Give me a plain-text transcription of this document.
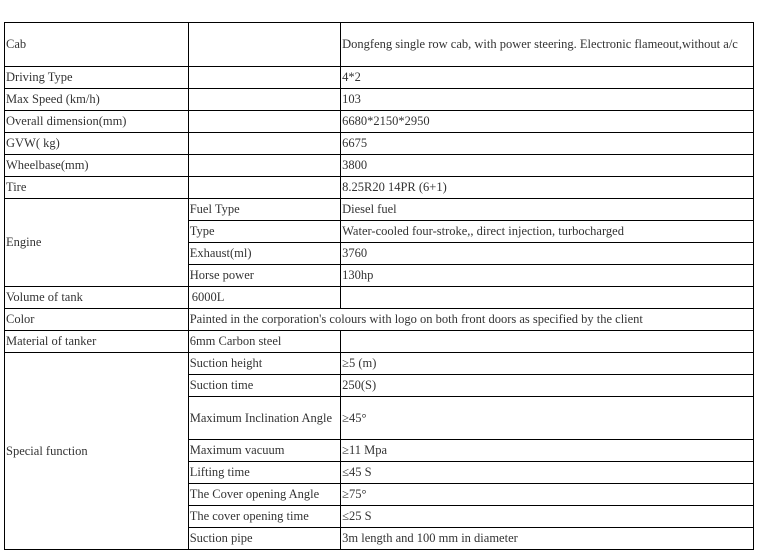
Cab		Dongfeng single row cab, with power steering. Electronic flameout,without a/c
Driving Type		4*2
Max Speed (km/h)		103
Overall dimension(mm)		6680*2150*2950
GVW( kg)		6675
Wheelbase(mm)		3800
Tire		8.25R20 14PR (6+1)
Engine	Fuel Type	Diesel fuel
	Type	Water-cooled four-stroke,, direct injection, turbocharged
	Exhaust(ml)	3760
	Horse power	130hp
Volume of tank	6000L	
Color	Painted in the corporation's colours with logo on both front doors as specified by the client	
Material of tanker	6mm Carbon steel	
Special function	Suction height	≥5 (m)
	Suction time	250(S)
	Maximum Inclination Angle	≥45°
	Maximum vacuum	≥11 Mpa
	Lifting time	≤45 S
	The Cover opening Angle	≥75°
	The cover opening time	≤25 S
	Suction pipe	3m length and 100 mm in diameter
